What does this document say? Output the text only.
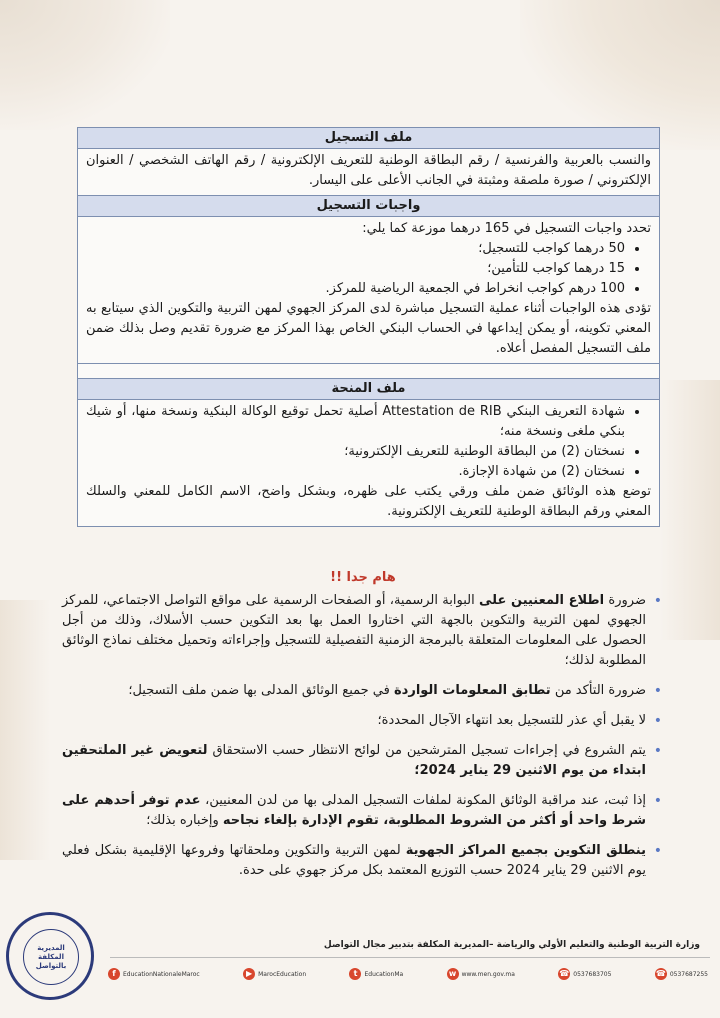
ملف التسجيل
والنسب بالعربية والفرنسية / رقم البطاقة الوطنية للتعريف الإلكترونية / رقم الهاتف الشخصي / العنوان الإلكتروني / صورة ملصقة ومثبتة في الجانب الأعلى على اليسار.
واجبات التسجيل
تحدد واجبات التسجيل في 165 درهما موزعة كما يلي:
• 50 درهما كواجب للتسجيل؛
• 15 درهما كواجب للتأمين؛
• 100 درهم كواجب انخراط في الجمعية الرياضية للمركز.
تؤدى هذه الواجبات أثناء عملية التسجيل مباشرة لدى المركز الجهوي لمهن التربية والتكوين الذي سيتابع به المعني تكوينه، أو يمكن إيداعها في الحساب البنكي الخاص بهذا المركز مع ضرورة تقديم وصل بذلك ضمن ملف التسجيل المفصل أعلاه.
ملف المنحة
• شهادة التعريف البنكي Attestation de RIB أصلية تحمل توقيع الوكالة البنكية ونسخة منها، أو شيك بنكي ملغى ونسخة منه؛
• نسختان (2) من البطاقة الوطنية للتعريف الإلكترونية؛
• نسختان (2) من شهادة الإجازة.
توضع هذه الوثائق ضمن ملف ورقي يكتب على ظهره، وبشكل واضح، الاسم الكامل للمعني والسلك المعني ورقم البطاقة الوطنية للتعريف الإلكترونية.
هام جدا !!
• ضرورة اطلاع المعنيين على البوابة الرسمية، أو الصفحات الرسمية على مواقع التواصل الاجتماعي، للمركز الجهوي لمهن التربية والتكوين بالجهة التي اختاروا العمل بها بعد التكوين حسب الأسلاك، وذلك من أجل الحصول على المعلومات المتعلقة بالبرمجة الزمنية التفصيلية للتسجيل وإجراءاته وتحميل مختلف نماذج الوثائق المطلوبة لذلك؛
• ضرورة التأكد من تطابق المعلومات الواردة في جميع الوثائق المدلى بها ضمن ملف التسجيل؛
• لا يقبل أي عذر للتسجيل بعد انتهاء الآجال المحددة؛
• يتم الشروع في إجراءات تسجيل المترشحين من لوائح الانتظار حسب الاستحقاق لتعويض غير الملتحقين ابتداء من يوم الاثنين 29 يناير 2024؛
• إذا ثبت، عند مراقبة الوثائق المكونة لملفات التسجيل المدلى بها من لدن المعنيين، عدم توفر أحدهم على شرط واحد أو أكثر من الشروط المطلوبة، تقوم الإدارة بإلغاء نجاحه وإخباره بذلك؛
• ينطلق التكوين بجميع المراكز الجهوية لمهن التربية والتكوين وملحقاتها وفروعها الإقليمية بشكل فعلي يوم الاثنين 29 يناير 2024 حسب التوزيع المعتمد بكل مركز جهوي على حدة.
وزارة التربية الوطنية والتعليم الأولي والرياضة –المديرية المكلفة بتدبير مجال التواصل
f	EducationNationaleMaroc	▶ MarocEducation	t	EducationMa	w www.men.gov.ma	☎ 0537683705	☎ 0537687255
المديرية المكلفة بالتواصل
